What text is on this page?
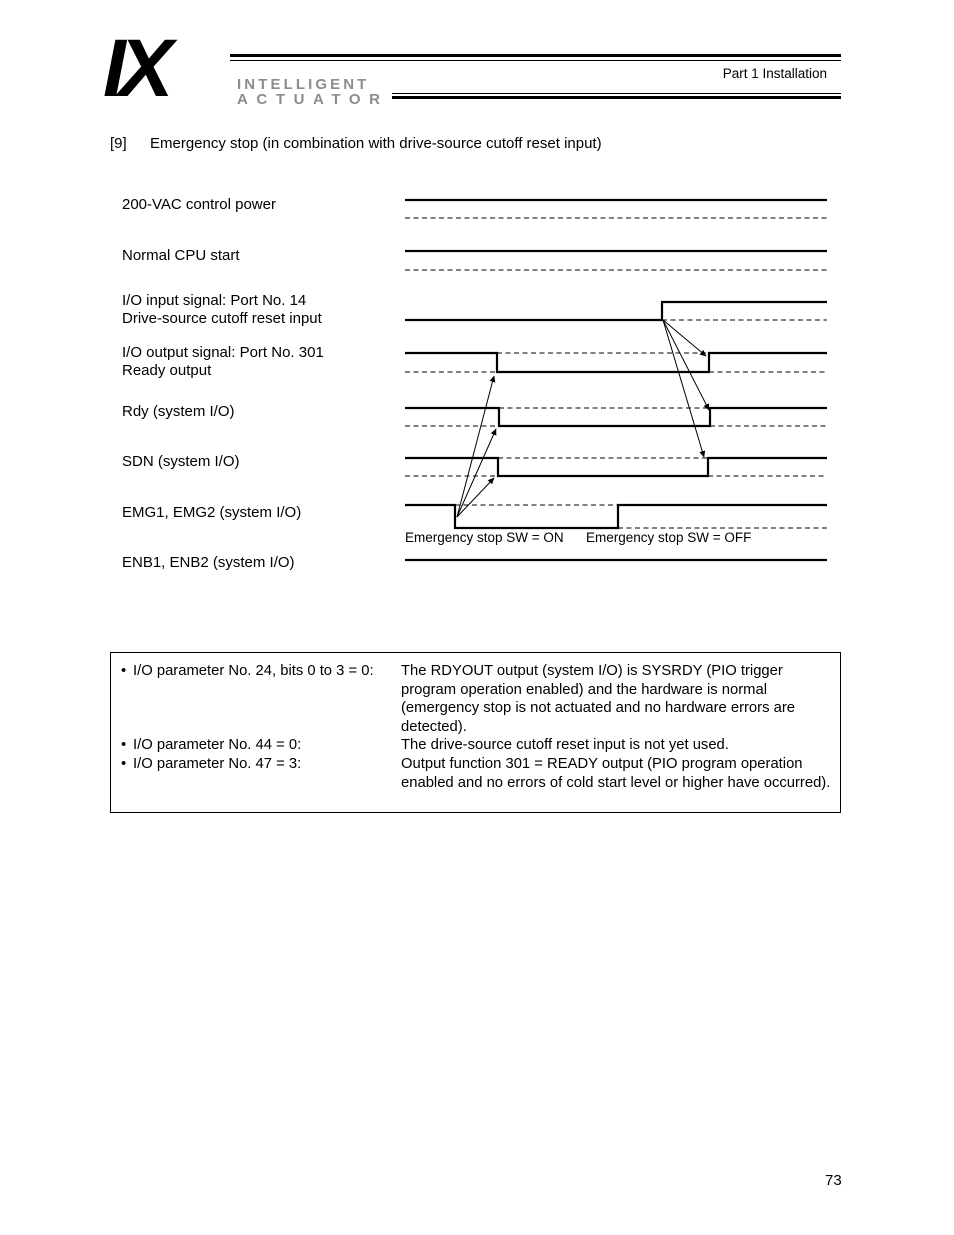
IX	INTELLIGENT
ACTUATOR
Part 1 Installation
[9] Emergency stop (in combination with drive-source cutoff reset input)
200-VAC control power
Normal CPU start
I/O input signal: Port No. 14
Drive-source cutoff reset input
I/O output signal: Port No. 301
Ready output
Rdy (system I/O)
SDN (system I/O)
EMG1, EMG2 (system I/O)
ENB1, ENB2 (system I/O)
Emergency stop SW = ON Emergency stop SW = OFF
• I/O parameter No. 24, bits 0 to 3 = 0: The RDYOUT output (system I/O) is SYSRDY (PIO trigger program operation enabled) and the hardware is normal (emergency stop is not actuated and no hardware errors are detected).
• I/O parameter No. 44 = 0:	The drive-source cutoff reset input is not yet used.
• I/O parameter No. 47 = 3:	Output function 301 = READY output (PIO program operation enabled and no errors of cold start level or higher have occurred).
73
